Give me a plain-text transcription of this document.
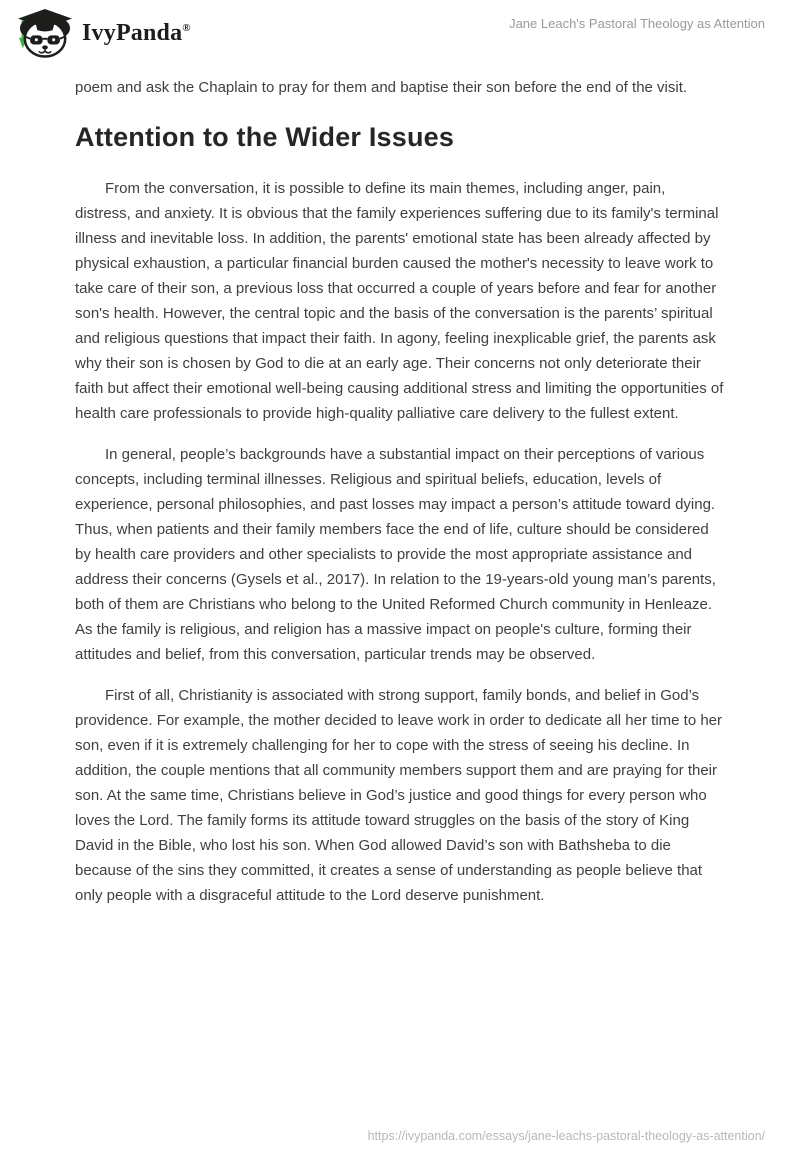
IvyPanda®	Jane Leach's Pastoral Theology as Attention

poem and ask the Chaplain to pray for them and baptise their son before the end of the visit.

Attention to the Wider Issues

From the conversation, it is possible to define its main themes, including anger, pain, distress, and anxiety. It is obvious that the family experiences suffering due to its family's terminal illness and inevitable loss. In addition, the parents' emotional state has been already affected by physical exhaustion, a particular financial burden caused the mother's necessity to leave work to take care of their son, a previous loss that occurred a couple of years before and fear for another son's health. However, the central topic and the basis of the conversation is the parents’ spiritual and religious questions that impact their faith. In agony, feeling inexplicable grief, the parents ask why their son is chosen by God to die at an early age. Their concerns not only deteriorate their faith but affect their emotional well-being causing additional stress and limiting the opportunities of health care professionals to provide high-quality palliative care delivery to the fullest extent.

In general, people’s backgrounds have a substantial impact on their perceptions of various concepts, including terminal illnesses. Religious and spiritual beliefs, education, levels of experience, personal philosophies, and past losses may impact a person’s attitude toward dying. Thus, when patients and their family members face the end of life, culture should be considered by health care providers and other specialists to provide the most appropriate assistance and address their concerns (Gysels et al., 2017). In relation to the 19-years-old young man’s parents, both of them are Christians who belong to the United Reformed Church community in Henleaze. As the family is religious, and religion has a massive impact on people's culture, forming their attitudes and belief, from this conversation, particular trends may be observed.

First of all, Christianity is associated with strong support, family bonds, and belief in God’s providence. For example, the mother decided to leave work in order to dedicate all her time to her son, even if it is extremely challenging for her to cope with the stress of seeing his decline. In addition, the couple mentions that all community members support them and are praying for their son. At the same time, Christians believe in God’s justice and good things for every person who loves the Lord. The family forms its attitude toward struggles on the basis of the story of King David in the Bible, who lost his son. When God allowed David’s son with Bathsheba to die because of the sins they committed, it creates a sense of understanding as people believe that only people with a disgraceful attitude to the Lord deserve punishment.

https://ivypanda.com/essays/jane-leachs-pastoral-theology-as-attention/
